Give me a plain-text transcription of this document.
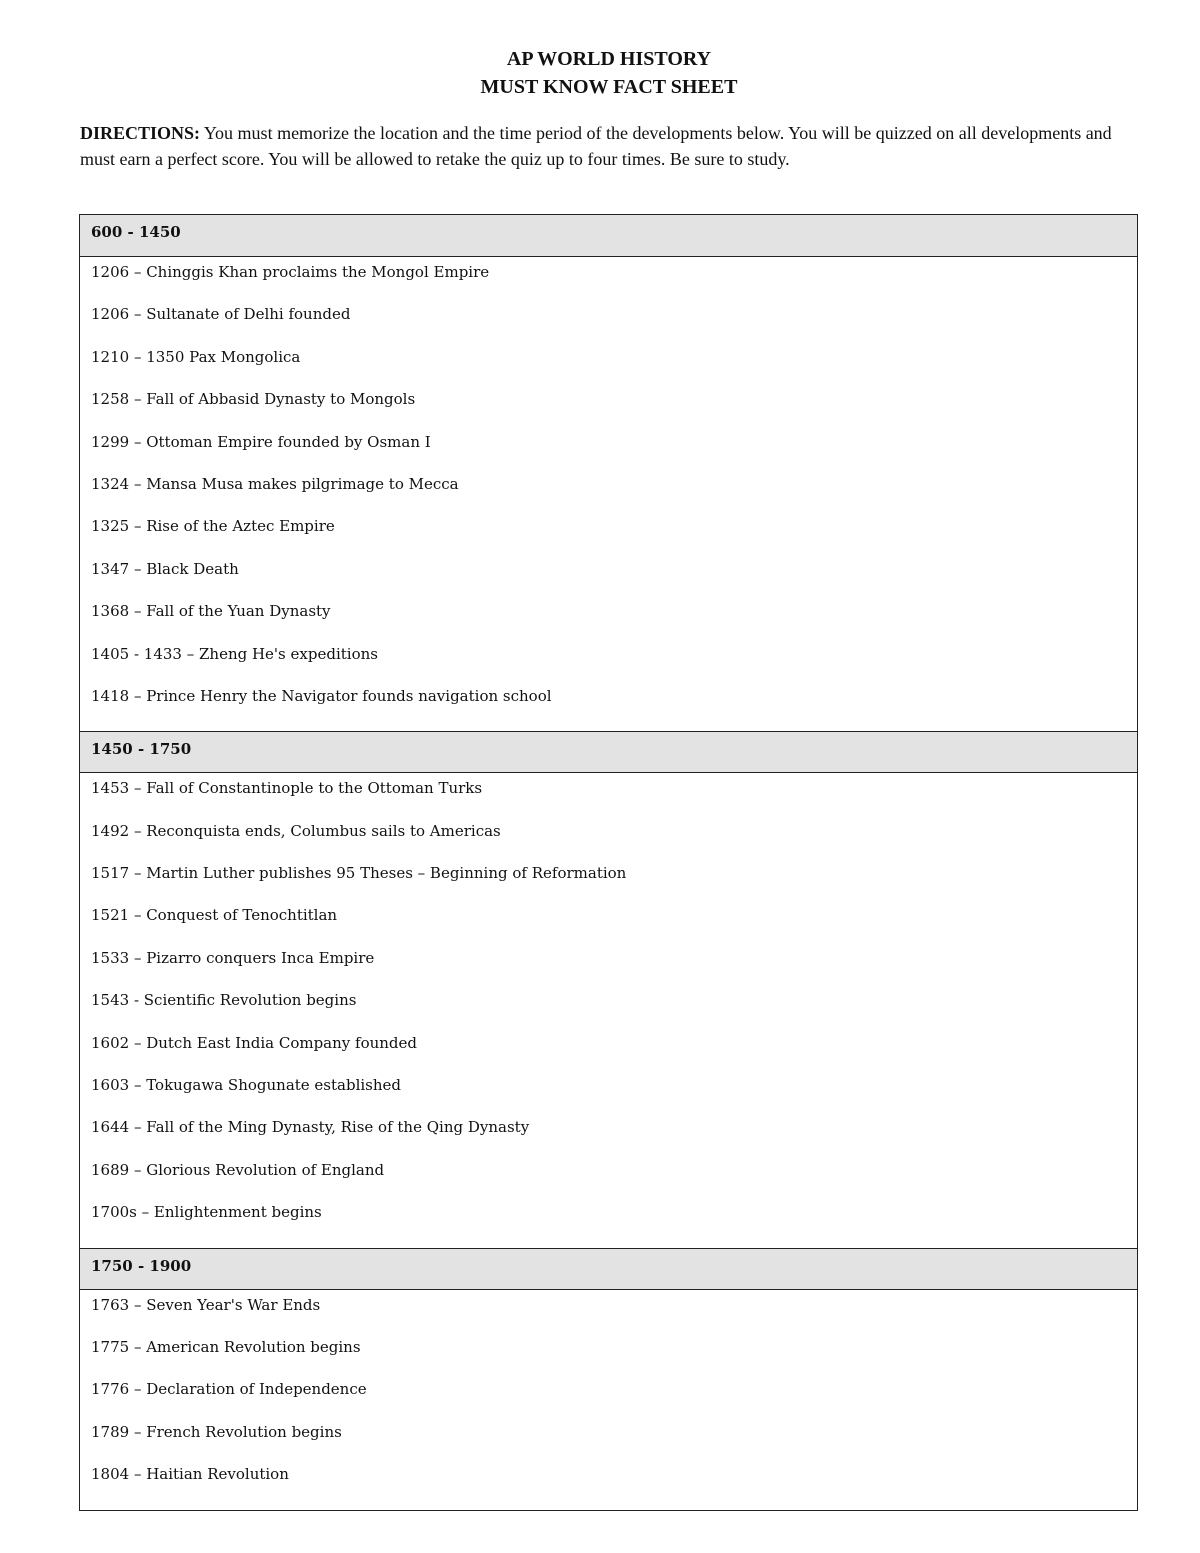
AP WORLD HISTORY
MUST KNOW FACT SHEET
DIRECTIONS: You must memorize the location and the time period of the developments below. You will be quizzed on all developments and must earn a perfect score. You will be allowed to retake the quiz up to four times. Be sure to study.
600 - 1450
1206 – Chinggis Khan proclaims the Mongol Empire
1206 – Sultanate of Delhi founded
1210 – 1350 Pax Mongolica
1258 – Fall of Abbasid Dynasty to Mongols
1299 – Ottoman Empire founded by Osman I
1324 – Mansa Musa makes pilgrimage to Mecca
1325 – Rise of the Aztec Empire
1347 – Black Death
1368 – Fall of the Yuan Dynasty
1405 - 1433 – Zheng He's expeditions
1418 – Prince Henry the Navigator founds navigation school
1450 - 1750
1453 – Fall of Constantinople to the Ottoman Turks
1492 – Reconquista ends, Columbus sails to Americas
1517 – Martin Luther publishes 95 Theses – Beginning of Reformation
1521 – Conquest of Tenochtitlan
1533 – Pizarro conquers Inca Empire
1543 - Scientific Revolution begins
1602 – Dutch East India Company founded
1603 – Tokugawa Shogunate established
1644 – Fall of the Ming Dynasty, Rise of the Qing Dynasty
1689 – Glorious Revolution of England
1700s – Enlightenment begins
1750 - 1900
1763 – Seven Year's War Ends
1775 – American Revolution begins
1776 – Declaration of Independence
1789 – French Revolution begins
1804 – Haitian Revolution
